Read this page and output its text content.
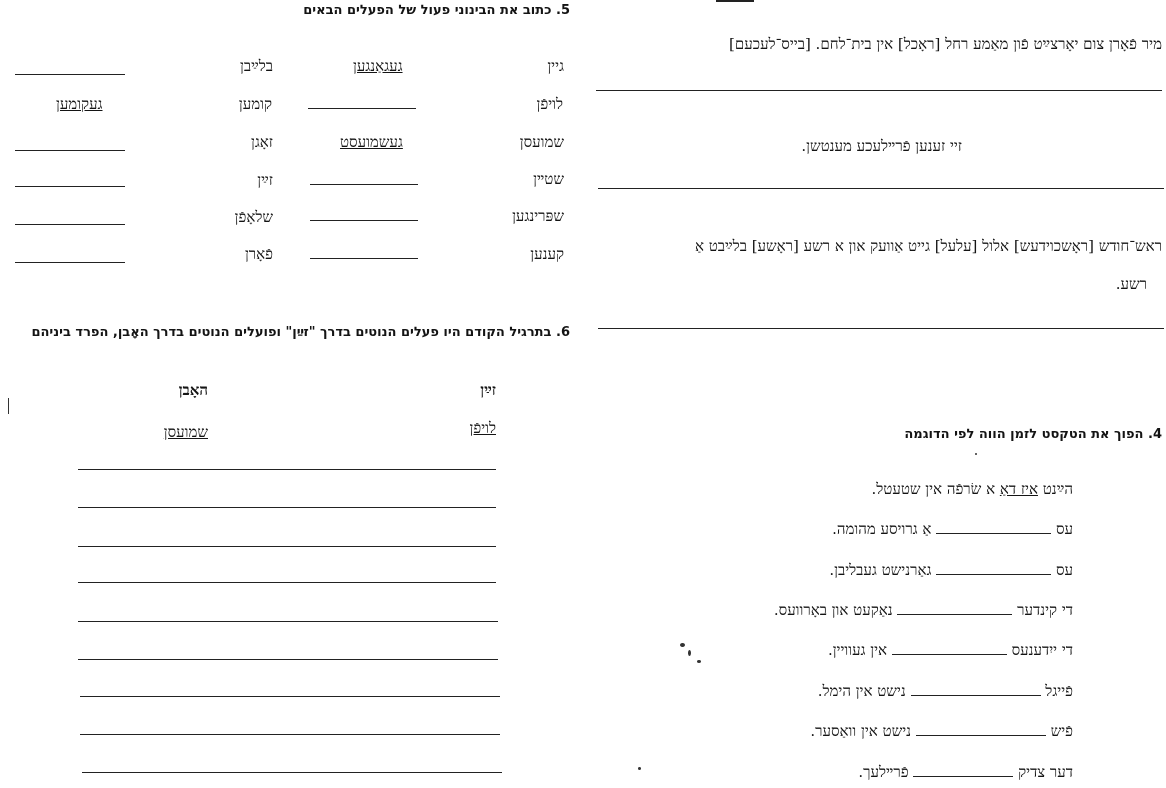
5. כתוב את הבינוני פעול של הפעלים הבאים
גיין
געגאַנגען
בלײַבן
לויפֿן
קומען
געקומען
שמועסן
געשמועסט
זאָגן
שטײן
זײַן
שפּרינגען
שלאָפֿן
קענען
פֿאָרן
6. בתרגיל הקודם היו פעלים הנוטים בדרך "זײַן" ופועלים הנוטים בדרך האָבן, הפרד ביניהם
זײַן
האָבן
לויפֿן
שמועסן
מיר פֿאָרן צום יאָרצײַט פֿון מאַמע רחל [ראָכל] אין בית־לחם. [בייס־לעכעם]
זיי זענען פֿרײלעכע מענטשן.
ראש־חודש [ראָשכוידעש] אלול [עלעל] גייט אַוועק און א רשע [ראָשע] בלײַבט אַ
רשע.
4. הפוך את הטקסט לזמן הווה לפי הדוגמה
הײַנט איז דאַ א שׂרפֿה אין שטעטל.
עס  אַ גרויסע מהומה.
עס  גאַרנישט געבליבן.
די קינדער  נאַקעט און באָרוועס.
די ייִדענעס  אין געוויין.
פֿייגל  נישט אין הימל.
פֿיש  נישט אין וואַסער.
דער צדיק  פֿרײלעך.
